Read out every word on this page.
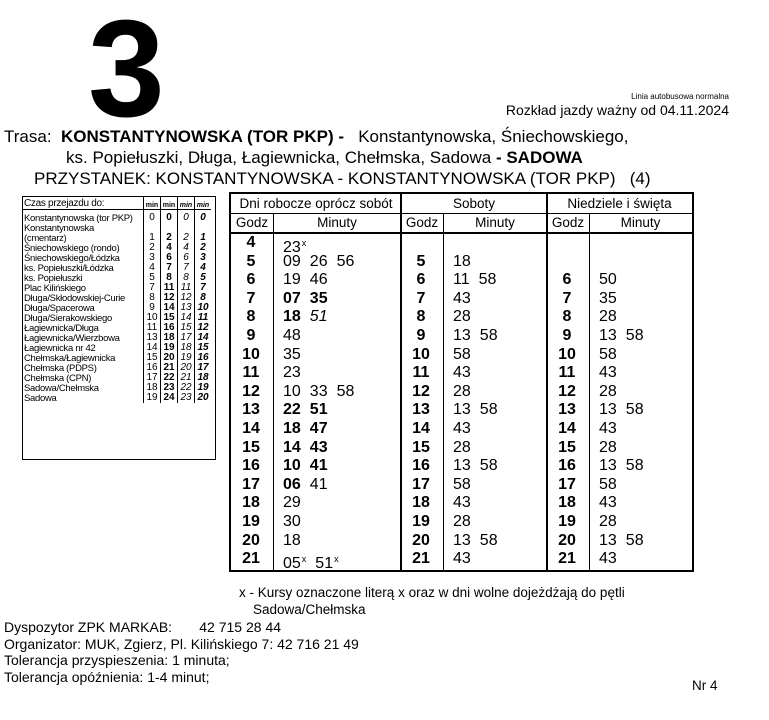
3	Linia autobusowa normalna
Rozkład jazdy ważny od 04.11.2024
Trasa: KONSTANTYNOWSKA (TOR PKP) - Konstantynowska, Śniechowskiego,
ks. Popiełuszki, Długa, Łagiewnicka, Chełmska, Sadowa - SADOWA
PRZYSTANEK: KONSTANTYNOWSKA - KONSTANTYNOWSKA (TOR PKP) (4)
Czas przejazdu do:	min	min	min	min
Konstantynowska (tor PKP)	0	0	0	0
Konstantynowska				
(cmentarz)	1	2	2	1
Śniechowskiego (rondo)	2	4	4	2
Śniechowskiego/Łódzka	3	6	6	3
ks. Popiełuszki/Łódzka	4	7	7	4
ks. Popiełuszki	5	8	8	5
Plac Kilińskiego	7	11	11	7
Długa/Skłodowskiej-Curie	8	12	12	8
Długa/Spacerowa	9	14	13	10
Długa/Sierakowskiego	10	15	14	11
Łagiewnicka/Długa	11	16	15	12
Łagiewnicka/Wierzbowa	13	18	17	14
Łagiewnicka nr 42	14	19	18	15
Chełmska/Łagiewnicka	15	20	19	16
Chełmska (PDPS)	16	21	20	17
Chełmska (CPN)	17	22	21	18
Sadowa/Chełmska	18	23	22	19
Sadowa	19	24	23	20
Dni robocze oprócz sobót
Godz	Minuty
Soboty
Godz	Minuty
Niedziele i święta
Godz	Minuty
4	23$^x$
5	09 26 56
6	19 46
7	07 35
8	18 51
9	48
10	35
11	23
12	10 33 58
13	22 51
14	18 47
15	14 43
16	10 41
17	06 41
18	29
19	30
20	18
21	05$^x$ 51$^x$
5	18
6	11 58
7	43
8	28
9	13 58
10	58
11	43
12	28
13	13 58
14	43
15	28
16	13 58
17	58
18	43
19	28
20	13 58
21	43
6	50
7	35
8	28
9	13 58
10	58
11	43
12	28
13	13 58
14	43
15	28
16	13 58
17	58
18	43
19	28
20	13 58
21	43
x - Kursy oznaczone literą x oraz w dni wolne dojeżdżają do pętli
Sadowa/Chełmska
Dyspozytor ZPK MARKAB:       42 715 28 44
Organizator: MUK, Zgierz, Pl. Kilińskiego 7: 42 716 21 49
Tolerancja przyspieszenia: 1 minuta;
Tolerancja opóźnienia: 1-4 minut;
Nr 4
